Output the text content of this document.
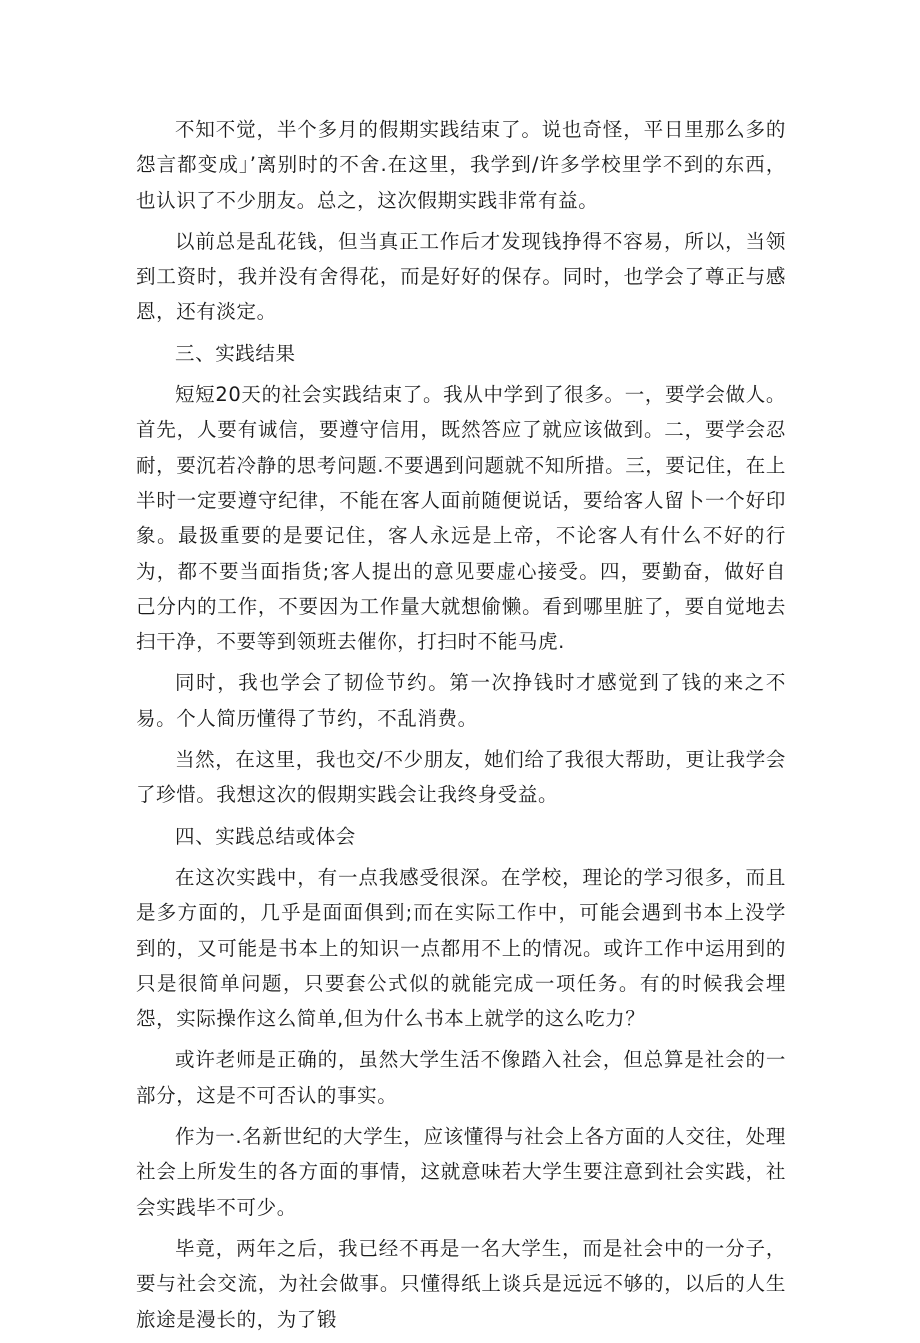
不知不觉，半个多月的假期实践结束了。说也奇怪，平日里那么多的怨言都变成」’离别时的不舍.在这里，我学到/许多学校里学不到的东西，也认识了不少朋友。总之，这次假期实践非常有益。

以前总是乱花钱，但当真正工作后才发现钱挣得不容易，所以，当领到工资时，我并没有舍得花，而是好好的保存。同时，也学会了尊正与感恩，还有淡定。

三、实践结果

短短20天的社会实践结束了。我从中学到了很多。一，要学会做人。首先，人要有诚信，要遵守信用，既然答应了就应该做到。二，要学会忍耐，要沉若冷静的思考问题.不要遇到问题就不知所措。三，要记住，在上半时一定要遵守纪律，不能在客人面前随便说话，要给客人留卜一个好印象。最扱重要的是要记住，客人永远是上帝，不论客人有什么不好的行为，都不要当面指货;客人提出的意见要虚心接受。四，要勤奋，做好自己分内的工作，不要因为工作量大就想偷懒。看到哪里脏了，要自觉地去扫干净，不要等到领班去催你，打扫时不能马虎.

同时，我也学会了韧俭节约。第一次挣钱时才感觉到了钱的来之不易。个人简历懂得了节约，不乱消费。

当然，在这里，我也交/不少朋友，她们给了我很大帮助，更让我学会了珍惜。我想这次的假期实践会让我终身受益。

四、实践总结或体会

在这次实践中，有一点我感受很深。在学校，理论的学习很多，而且是多方面的，几乎是面面俱到;而在实际工作中，可能会遇到书本上没学到的，又可能是书本上的知识一点都用不上的情况。或许工作中运用到的只是很简单问题，只要套公式似的就能完成一项任务。有的时候我会埋怨，实际操作这么简单,但为什么书本上就学的这么吃力？

或许老师是正确的，虽然大学生活不像踏入社会，但总算是社会的一部分，这是不可否认的事实。

作为一.名新世纪的大学生，应该懂得与社会上各方面的人交往，处理社会上所发生的各方面的事情，这就意味若大学生要注意到社会实践，社会实践毕不可少。

毕竟，两年之后，我已经不再是一名大学生，而是社会中的一分子，要与社会交流，为社会做事。只懂得纸上谈兵是远远不够的，以后的人生旅途是漫长的，为了锻
